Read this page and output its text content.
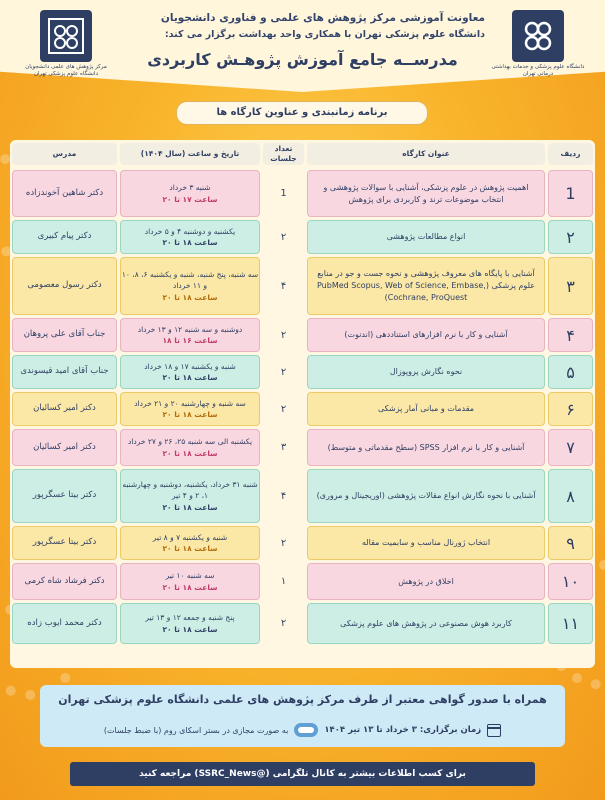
مرکز پژوهش های علمی دانشجویان دانشگاه علوم پزشکی تهران
دانشگاه علوم پزشکی و خدمات بهداشتی درمانی تهران
معاونت آموزشی مرکز پژوهش های علمی و فناوری دانشجویان
دانشگاه علوم پزشکی تهران با همکاری واحد بهداشت برگزار می کند:
مدرســه جامع آموزش پژوهـش کاربردی
برنامه زمانبندی و عناوین کارگاه ها
ردیف
عنوان کارگاه
تعداد جلسات
تاریخ و ساعت (سال ۱۴۰۴)
مدرس
1
اهمیت پژوهش در علوم پزشکی، آشنایی با سوالات پژوهشی و انتخاب موضوعات ترند و کاربردی برای پژوهش
1
شنبه ۳ خرداد
ساعت ۱۷ تا ۲۰
دکتر شاهین آخوندزاده
۲
انواع مطالعات پژوهشی
۲
یکشنبه و دوشنبه ۴ و ۵ خرداد
ساعت ۱۸ تا ۲۰
دکتر پیام کبیری
۳
آشنایی با پایگاه های معروف پژوهشی و نحوه جست و جو در منابع علوم پزشکی (PubMed Scopus, Web of Science, Embase, Cochrane, ProQuest)
۴
سه شنبه، پنج شنبه، شنبه و یکشنبه ۶، ۸، ۱۰ و ۱۱ خرداد
ساعت ۱۸ تا ۲۰
دکتر رسول معصومی
۴
آشنایی و کار با نرم افزارهای استناددهی (اندنوت)
۲
دوشنبه و سه شنبه ۱۲ و ۱۳ خرداد
ساعت ۱۶ تا ۱۸
جناب آقای علی پروهان
۵
نحوه نگارش پروپوزال
۲
شنبه و یکشنبه ۱۷ و ۱۸ خرداد
ساعت ۱۸ تا ۲۰
جناب آقای امید قیسوندی
۶
مقدمات و مبانی آمار پزشکی
۲
سه شنبه و چهارشنبه ۲۰ و ۲۱ خرداد
ساعت ۱۸ تا ۲۰
دکتر امیر کسائیان
۷
آشنایی و کار با نرم افزار SPSS (سطح مقدماتی و متوسط)
۳
یکشنبه الی سه شنبه ۲۵، ۲۶ و ۲۷ خرداد
ساعت ۱۸ تا ۲۰
دکتر امیر کسائیان
۸
آشنایی با نحوه نگارش انواع مقالات پژوهشی (اوریجینال و مروری)
۴
شنبه ۳۱ خرداد، یکشنبه، دوشنبه و چهارشنبه ۱، ۲ و ۴ تیر
ساعت ۱۸ تا ۲۰
دکتر بیتا عسگرپور
۹
انتخاب ژورنال مناسب و سابمیت مقاله
۲
شنبه و یکشنبه ۷ و ۸ تیر
ساعت ۱۸ تا ۲۰
دکتر بیتا عسگرپور
۱۰
اخلاق در پژوهش
۱
سه شنبه ۱۰ تیر
ساعت ۱۸ تا ۲۰
دکتر فرشاد شاه کرمی
۱۱
کاربرد هوش مصنوعی در پژوهش های علوم پزشکی
۲
پنج شنبه و جمعه ۱۲ و ۱۳ تیر
ساعت ۱۸ تا ۲۰
دکتر محمد ایوب زاده
همراه با صدور گواهی معتبر از طرف مرکز پژوهش های علمی دانشگاه علوم پزشکی تهران
زمان برگزاری: ۳ خرداد تا ۱۳ تیر ۱۴۰۴
به صورت مجازی در بستر اسکای روم (با ضبط جلسات)
برای کسب اطلاعات بیشتر به کانال تلگرامی (@SSRC_News) مراجعه کنید
